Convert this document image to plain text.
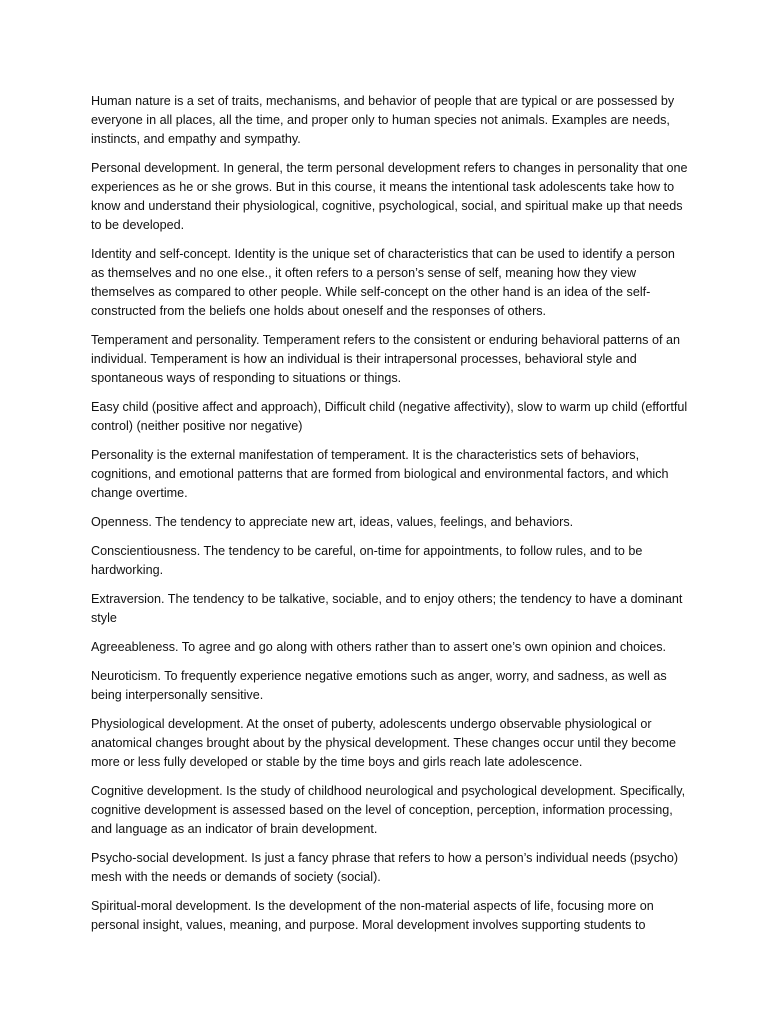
Human nature is a set of traits, mechanisms, and behavior of people that are typical or are possessed by everyone in all places, all the time, and proper only to human species not animals. Examples are needs, instincts, and empathy and sympathy.

Personal development. In general, the term personal development refers to changes in personality that one experiences as he or she grows. But in this course, it means the intentional task adolescents take how to know and understand their physiological, cognitive, psychological, social, and spiritual make up that needs to be developed.

Identity and self-concept. Identity is the unique set of characteristics that can be used to identify a person as themselves and no one else., it often refers to a person’s sense of self, meaning how they view themselves as compared to other people. While self-concept on the other hand is an idea of the self-constructed from the beliefs one holds about oneself and the responses of others.

Temperament and personality. Temperament refers to the consistent or enduring behavioral patterns of an individual. Temperament is how an individual is their intrapersonal processes, behavioral style and spontaneous ways of responding to situations or things.

Easy child (positive affect and approach), Difficult child (negative affectivity), slow to warm up child (effortful control) (neither positive nor negative)

Personality is the external manifestation of temperament. It is the characteristics sets of behaviors, cognitions, and emotional patterns that are formed from biological and environmental factors, and which change overtime.

Openness. The tendency to appreciate new art, ideas, values, feelings, and behaviors.

Conscientiousness. The tendency to be careful, on-time for appointments, to follow rules, and to be hardworking.

Extraversion. The tendency to be talkative, sociable, and to enjoy others; the tendency to have a dominant style

Agreeableness. To agree and go along with others rather than to assert one’s own opinion and choices.

Neuroticism. To frequently experience negative emotions such as anger, worry, and sadness, as well as being interpersonally sensitive.

Physiological development. At the onset of puberty, adolescents undergo observable physiological or anatomical changes brought about by the physical development. These changes occur until they become more or less fully developed or stable by the time boys and girls reach late adolescence.

Cognitive development. Is the study of childhood neurological and psychological development. Specifically, cognitive development is assessed based on the level of conception, perception, information processing, and language as an indicator of brain development.

Psycho-social development. Is just a fancy phrase that refers to how a person’s individual needs (psycho) mesh with the needs or demands of society (social).

Spiritual-moral development. Is the development of the non-material aspects of life, focusing more on personal insight, values, meaning, and purpose. Moral development involves supporting students to
